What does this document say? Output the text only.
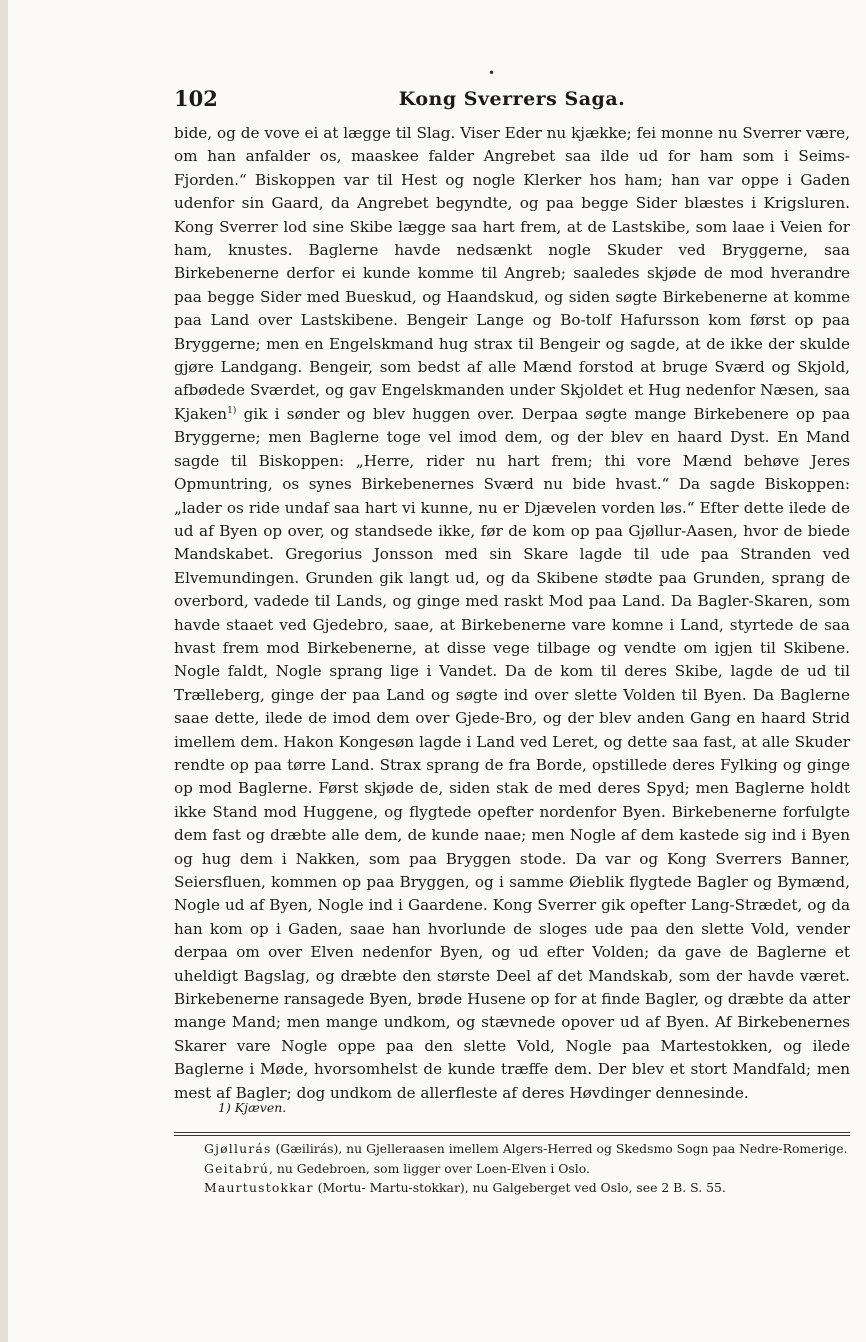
•
102	Kong Sverrers Saga.

bide, og de vove ei at lægge til Slag. Viser Eder nu kjække; fei monne nu Sverrer være, om han anfalder os, maaskee falder Angrebet saa ilde ud for ham som i Seims-Fjorden.“ Biskoppen var til Hest og nogle Klerker hos ham; han var oppe i Gaden udenfor sin Gaard, da Angrebet begyndte, og paa begge Sider blæstes i Krigsluren. Kong Sverrer lod sine Skibe lægge saa hart frem, at de Lastskibe, som laae i Veien for ham, knustes. Baglerne havde nedsænkt nogle Skuder ved Bryggerne, saa Birkebenerne derfor ei kunde komme til Angreb; saaledes skjøde de mod hverandre paa begge Sider med Bueskud, og Haandskud, og siden søgte Birkebenerne at komme paa Land over Lastskibene. Bengeir Lange og Bo-tolf Hafursson kom først op paa Bryggerne; men en Engelskmand hug strax til Bengeir og sagde, at de ikke der skulde gjøre Landgang. Bengeir, som bedst af alle Mænd forstod at bruge Sværd og Skjold, afbødede Sværdet, og gav Engelskmanden under Skjoldet et Hug nedenfor Næsen, saa Kjaken$^{1)}$ gik i sønder og blev huggen over. Derpaa søgte mange Birkebenere op paa Bryggerne; men Baglerne toge vel imod dem, og der blev en haard Dyst. En Mand sagde til Biskoppen: „Herre, rider nu hart frem; thi vore Mænd behøve Jeres Opmuntring, os synes Birkebenernes Sværd nu bide hvast.“ Da sagde Biskoppen: „lader os ride undaf saa hart vi kunne, nu er Djævelen vorden løs.“ Efter dette ilede de ud af Byen op over, og standsede ikke, før de kom op paa Gjøllur-Aasen, hvor de biede Mandskabet. Gregorius Jonsson med sin Skare lagde til ude paa Stranden ved Elvemundingen. Grunden gik langt ud, og da Skibene stødte paa Grunden, sprang de overbord, vadede til Lands, og ginge med raskt Mod paa Land. Da Bagler-Skaren, som havde staaet ved Gjedebro, saae, at Birkebenerne vare komne i Land, styrtede de saa hvast frem mod Birkebenerne, at disse vege tilbage og vendte om igjen til Skibene. Nogle faldt, Nogle sprang lige i Vandet. Da de kom til deres Skibe, lagde de ud til Trælleberg, ginge der paa Land og søgte ind over slette Volden til Byen. Da Baglerne saae dette, ilede de imod dem over Gjede-Bro, og der blev anden Gang en haard Strid imellem dem. Hakon Kongesøn lagde i Land ved Leret, og dette saa fast, at alle Skuder rendte op paa tørre Land. Strax sprang de fra Borde, opstillede deres Fylking og ginge op mod Baglerne. Først skjøde de, siden stak de med deres Spyd; men Baglerne holdt ikke Stand mod Huggene, og flygtede opefter nordenfor Byen. Birkebenerne forfulgte dem fast og dræbte alle dem, de kunde naae; men Nogle af dem kastede sig ind i Byen og hug dem i Nakken, som paa Bryggen stode. Da var og Kong Sverrers Banner, Seiersfluen, kommen op paa Bryggen, og i samme Øieblik flygtede Bagler og Bymænd, Nogle ud af Byen, Nogle ind i Gaardene. Kong Sverrer gik opefter Lang-Strædet, og da han kom op i Gaden, saae han hvorlunde de sloges ude paa den slette Vold, vender derpaa om over Elven nedenfor Byen, og ud efter Volden; da gave de Baglerne et uheldigt Bagslag, og dræbte den største Deel af det Mandskab, som der havde været. Birkebenerne ransagede Byen, brøde Husene op for at finde Bagler, og dræbte da atter mange Mand; men mange undkom, og stævnede opover ud af Byen. Af Birkebenernes Skarer vare Nogle oppe paa den slette Vold, Nogle paa Martestokken, og ilede Baglerne i Møde, hvorsomhelst de kunde træffe dem. Der blev et stort Mandfald; men mest af Bagler; dog undkom de allerfleste af deres Høvdinger dennesinde.

1) Kjæven.

Gjøllurás (Gæilirás), nu Gjelleraasen imellem Algers-Herred og Skedsmo Sogn paa Nedre-Romerige.

Geitabrú, nu Gedebroen, som ligger over Loen-Elven i Oslo.

Maurtustokkar (Mortu- Martu-stokkar), nu Galgeberget ved Oslo, see 2 B. S. 55.
